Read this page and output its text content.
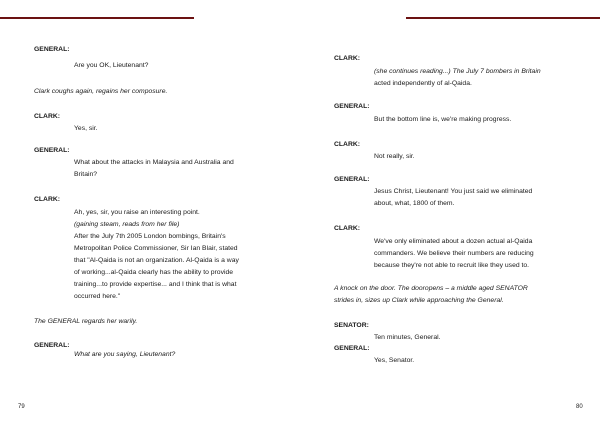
GENERAL:
Are you OK, Lieutenant?
Clark coughs again, regains her composure.
CLARK:
Yes, sir.
GENERAL:
What about the attacks in Malaysia and Australia and
Britain?
CLARK:
Ah, yes, sir, you raise an interesting point.
(gaining steam, reads from her file)
After the July 7th 2005 London bombings, Britain's
Metropolitan Police Commissioner, Sir Ian Blair, stated
that "Al-Qaida is not an organization. Al-Qaida is a way
of working...al-Qaida clearly has the ability to provide
training...to provide expertise... and I think that is what
occurred here."
The GENERAL regards her warily.
GENERAL:
What are you saying, Lieutenant?
79
CLARK:
(she continues reading...) The July 7 bombers in Britain
acted independently of al-Qaida.
GENERAL:
But the bottom line is, we're making progress.
CLARK:
Not really, sir.
GENERAL:
Jesus Christ, Lieutenant! You just said we eliminated
about, what, 1800 of them.
CLARK:
We've only eliminated about a dozen actual al-Qaida
commanders. We believe their numbers are reducing
because they're not able to recruit like they used to.
A knock on the door. The dooropens – a middle aged SENATOR
strides in, sizes up Clark while approaching the General.
SENATOR:
Ten minutes, General.
GENERAL:
Yes, Senator.
80
